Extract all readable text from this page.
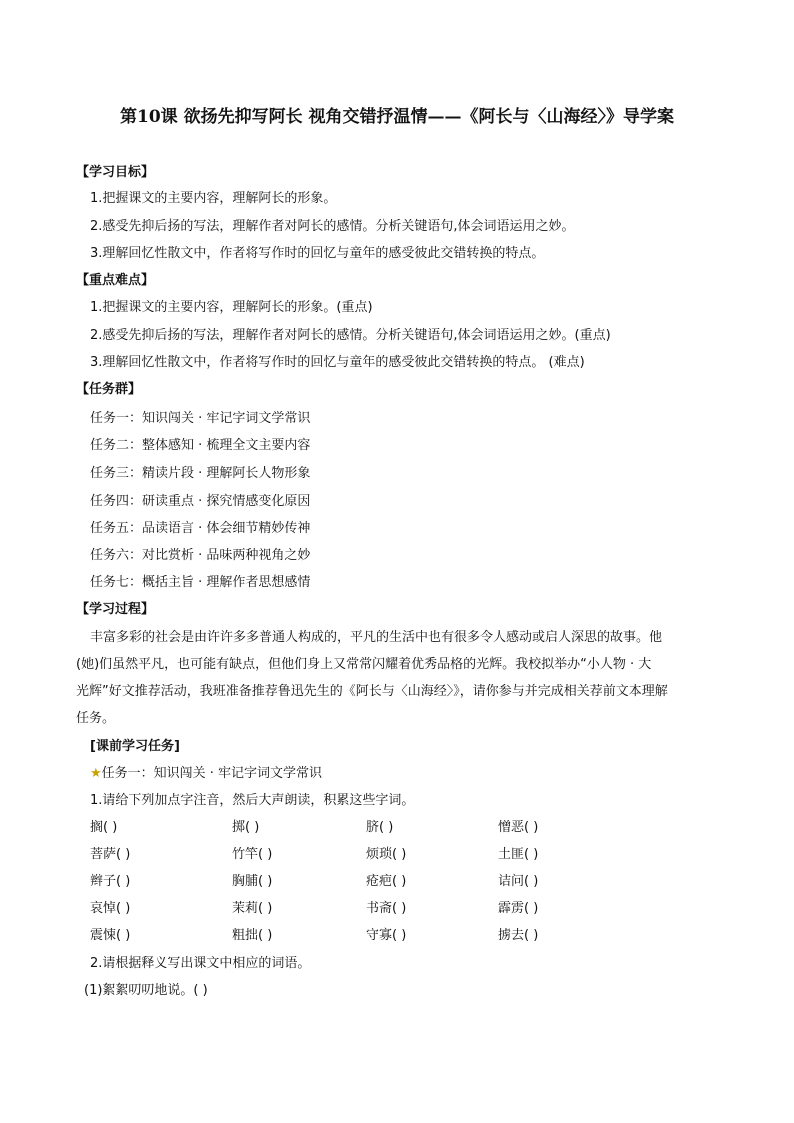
第10课 欲扬先抑写阿长 视角交错抒温情——《阿长与〈山海经〉》导学案
【学习目标】
1.把握课文的主要内容，理解阿长的形象。
2.感受先抑后扬的写法，理解作者对阿长的感情。分析关键语句,体会词语运用之妙。
3.理解回忆性散文中，作者将写作时的回忆与童年的感受彼此交错转换的特点。
【重点难点】
1.把握课文的主要内容，理解阿长的形象。(重点)
2.感受先抑后扬的写法，理解作者对阿长的感情。分析关键语句,体会词语运用之妙。(重点)
3.理解回忆性散文中，作者将写作时的回忆与童年的感受彼此交错转换的特点。 (难点)
【任务群】
任务一：知识闯关 · 牢记字词文学常识
任务二：整体感知 · 梳理全文主要内容
任务三：精读片段 · 理解阿长人物形象
任务四：研读重点 · 探究情感变化原因
任务五：品读语言 · 体会细节精妙传神
任务六：对比赏析 · 品味两种视角之妙
任务七：概括主旨 · 理解作者思想感情
【学习过程】
丰富多彩的社会是由许许多多普通人构成的，平凡的生活中也有很多令人感动或启人深思的故事。他
(她)们虽然平凡，也可能有缺点，但他们身上又常常闪耀着优秀品格的光辉。我校拟举办“小人物 · 大
光辉”好文推荐活动，我班准备推荐鲁迅先生的《阿长与〈山海经〉》，请你参与并完成相关荐前文本理解
任务。
[课前学习任务]
★任务一：知识闯关 · 牢记字词文学常识
1.请给下列加点字注音，然后大声朗读，积累这些字词。
搁( )	掷( )	脐( )	憎恶( )
菩萨( )	竹竿( )	烦琐( )	土匪( )
辫子( )	胸脯( )	疮疤( )	诘问( )
哀悼( )	茉莉( )	书斋( )	霹雳( )
震悚( )	粗拙( )	守寡( )	掳去( )
2.请根据释义写出课文中相应的词语。
(1)絮絮叨叨地说。( )
